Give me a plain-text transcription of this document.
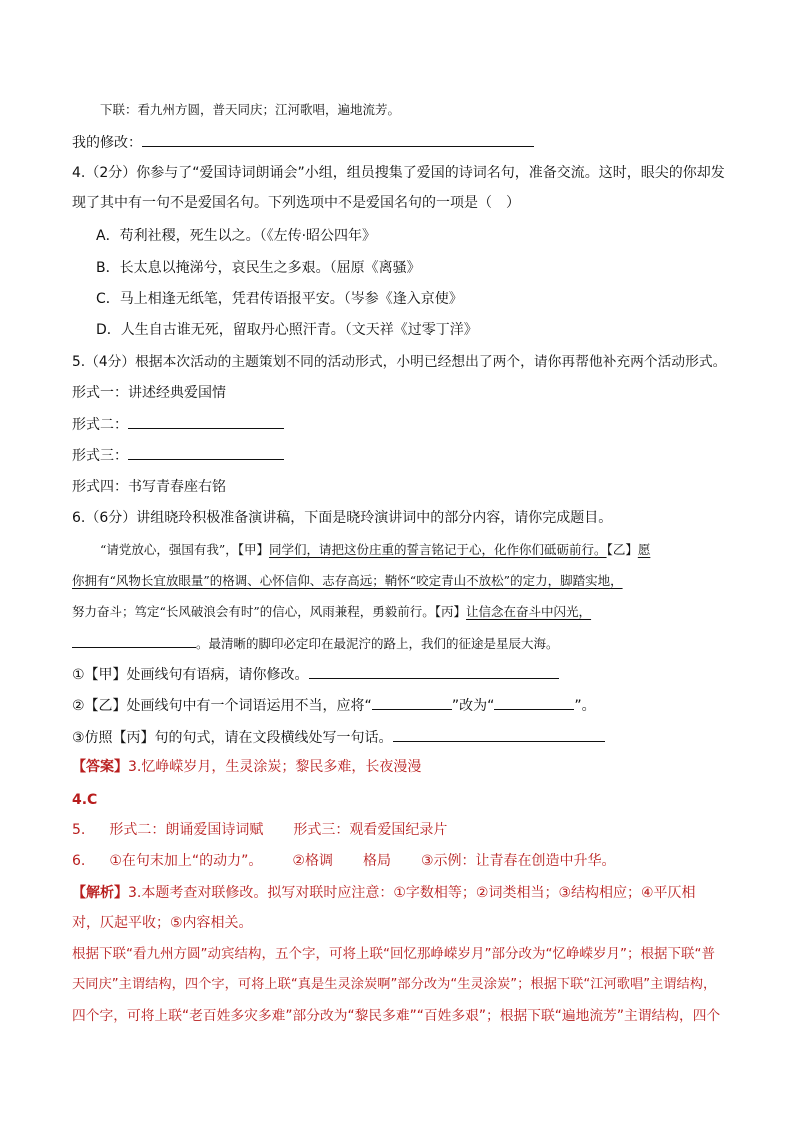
下联：看九州方圆，普天同庆；江河歌唱，遍地流芳。
我的修改：
4.（2分）你参与了“爱国诗词朗诵会”小组，组员搜集了爱国的诗词名句，准备交流。这时，眼尖的你却发
现了其中有一句不是爱国名句。下列选项中不是爱国名句的一项是（　）
A．苟利社稷，死生以之。（《左传·昭公四年》
B．长太息以掩涕兮，哀民生之多艰。（屈原《离骚》
C．马上相逢无纸笔，凭君传语报平安。（岑参《逢入京使》
D．人生自古谁无死，留取丹心照汗青。（文天祥《过零丁洋》
5.（4分）根据本次活动的主题策划不同的活动形式，小明已经想出了两个，请你再帮他补充两个活动形式。
形式一：讲述经典爱国情
形式二：
形式三：
形式四：书写青春座右铭
6.（6分）讲组晓玲积极准备演讲稿，下面是晓玲演讲词中的部分内容，请你完成题目。
“请党放心，强国有我”，【甲】同学们，请把这份庄重的誓言铭记于心，化作你们砥砺前行。【乙】愿
你拥有“风物长宜放眼量”的格调、心怀信仰、志存高远；鞘怀“咬定青山不放松”的定力，脚踏实地，
努力奋斗；笃定“长风破浪会有时”的信心，风雨兼程，勇毅前行。【丙】让信念在奋斗中闪光，
。最清晰的脚印必定印在最泥泞的路上，我们的征途是星辰大海。
①【甲】处画线句有语病，请你修改。
②【乙】处画线句中有一个词语运用不当，应将“	”改为“	”。
③仿照【丙】句的句式，请在文段横线处写一句话。
【答案】3.忆峥嵘岁月，生灵涂炭；黎民多难，长夜漫漫
4.C
5. 形式二：朗诵爱国诗词赋 形式三：观看爱国纪录片
6. ①在句末加上“的动力”。 ②格调 格局 ③示例：让青春在创造中升华。
【解析】3.本题考查对联修改。拟写对联时应注意：①字数相等；②词类相当；③结构相应；④平仄相
对，仄起平收；⑤内容相关。
根据下联“看九州方圆”动宾结构，五个字，可将上联“回忆那峥嵘岁月”部分改为“忆峥嵘岁月”；根据下联“普
天同庆”主谓结构，四个字，可将上联“真是生灵涂炭啊”部分改为“生灵涂炭”；根据下联“江河歌唱”主谓结构，
四个字，可将上联“老百姓多灾多难”部分改为“黎民多难”“百姓多艰”；根据下联“遍地流芳”主谓结构，四个
